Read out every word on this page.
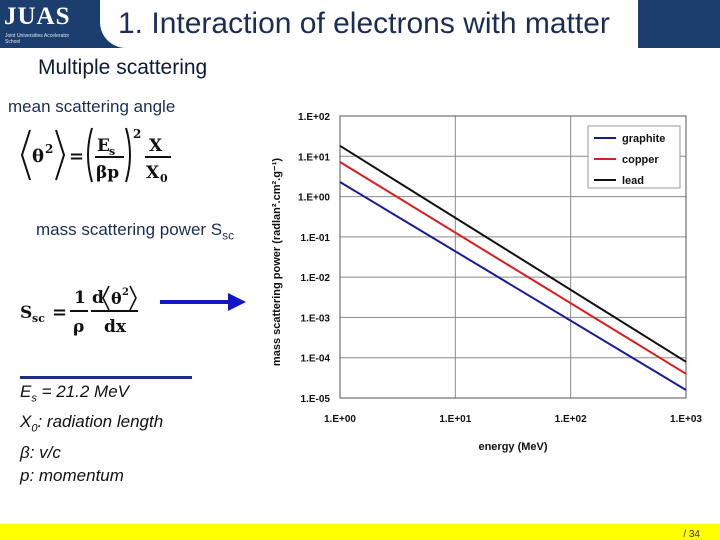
JUAS
Joint Universities Accelerator School
1. Interaction of electrons with matter
Multiple scattering
mean scattering angle
θ 2 = E s
βp
2
X
X 0
mass scattering power $S_{sc}$
S sc =
1
ρ
d θ 2
dx
$E_s = 21.2$ MeV
$X_0$: radiation length
β: v/c
p: momentum
1.E+02
1.E+01
1.E+00
1.E-01
1.E-02
1.E-03
1.E-04
1.E-05
1.E+00	1.E+01	1.E+02	1.E+03
graphite
copper
lead
energy (MeV)
mass scattering power (radlan².cm².g⁻¹)
/ 34
